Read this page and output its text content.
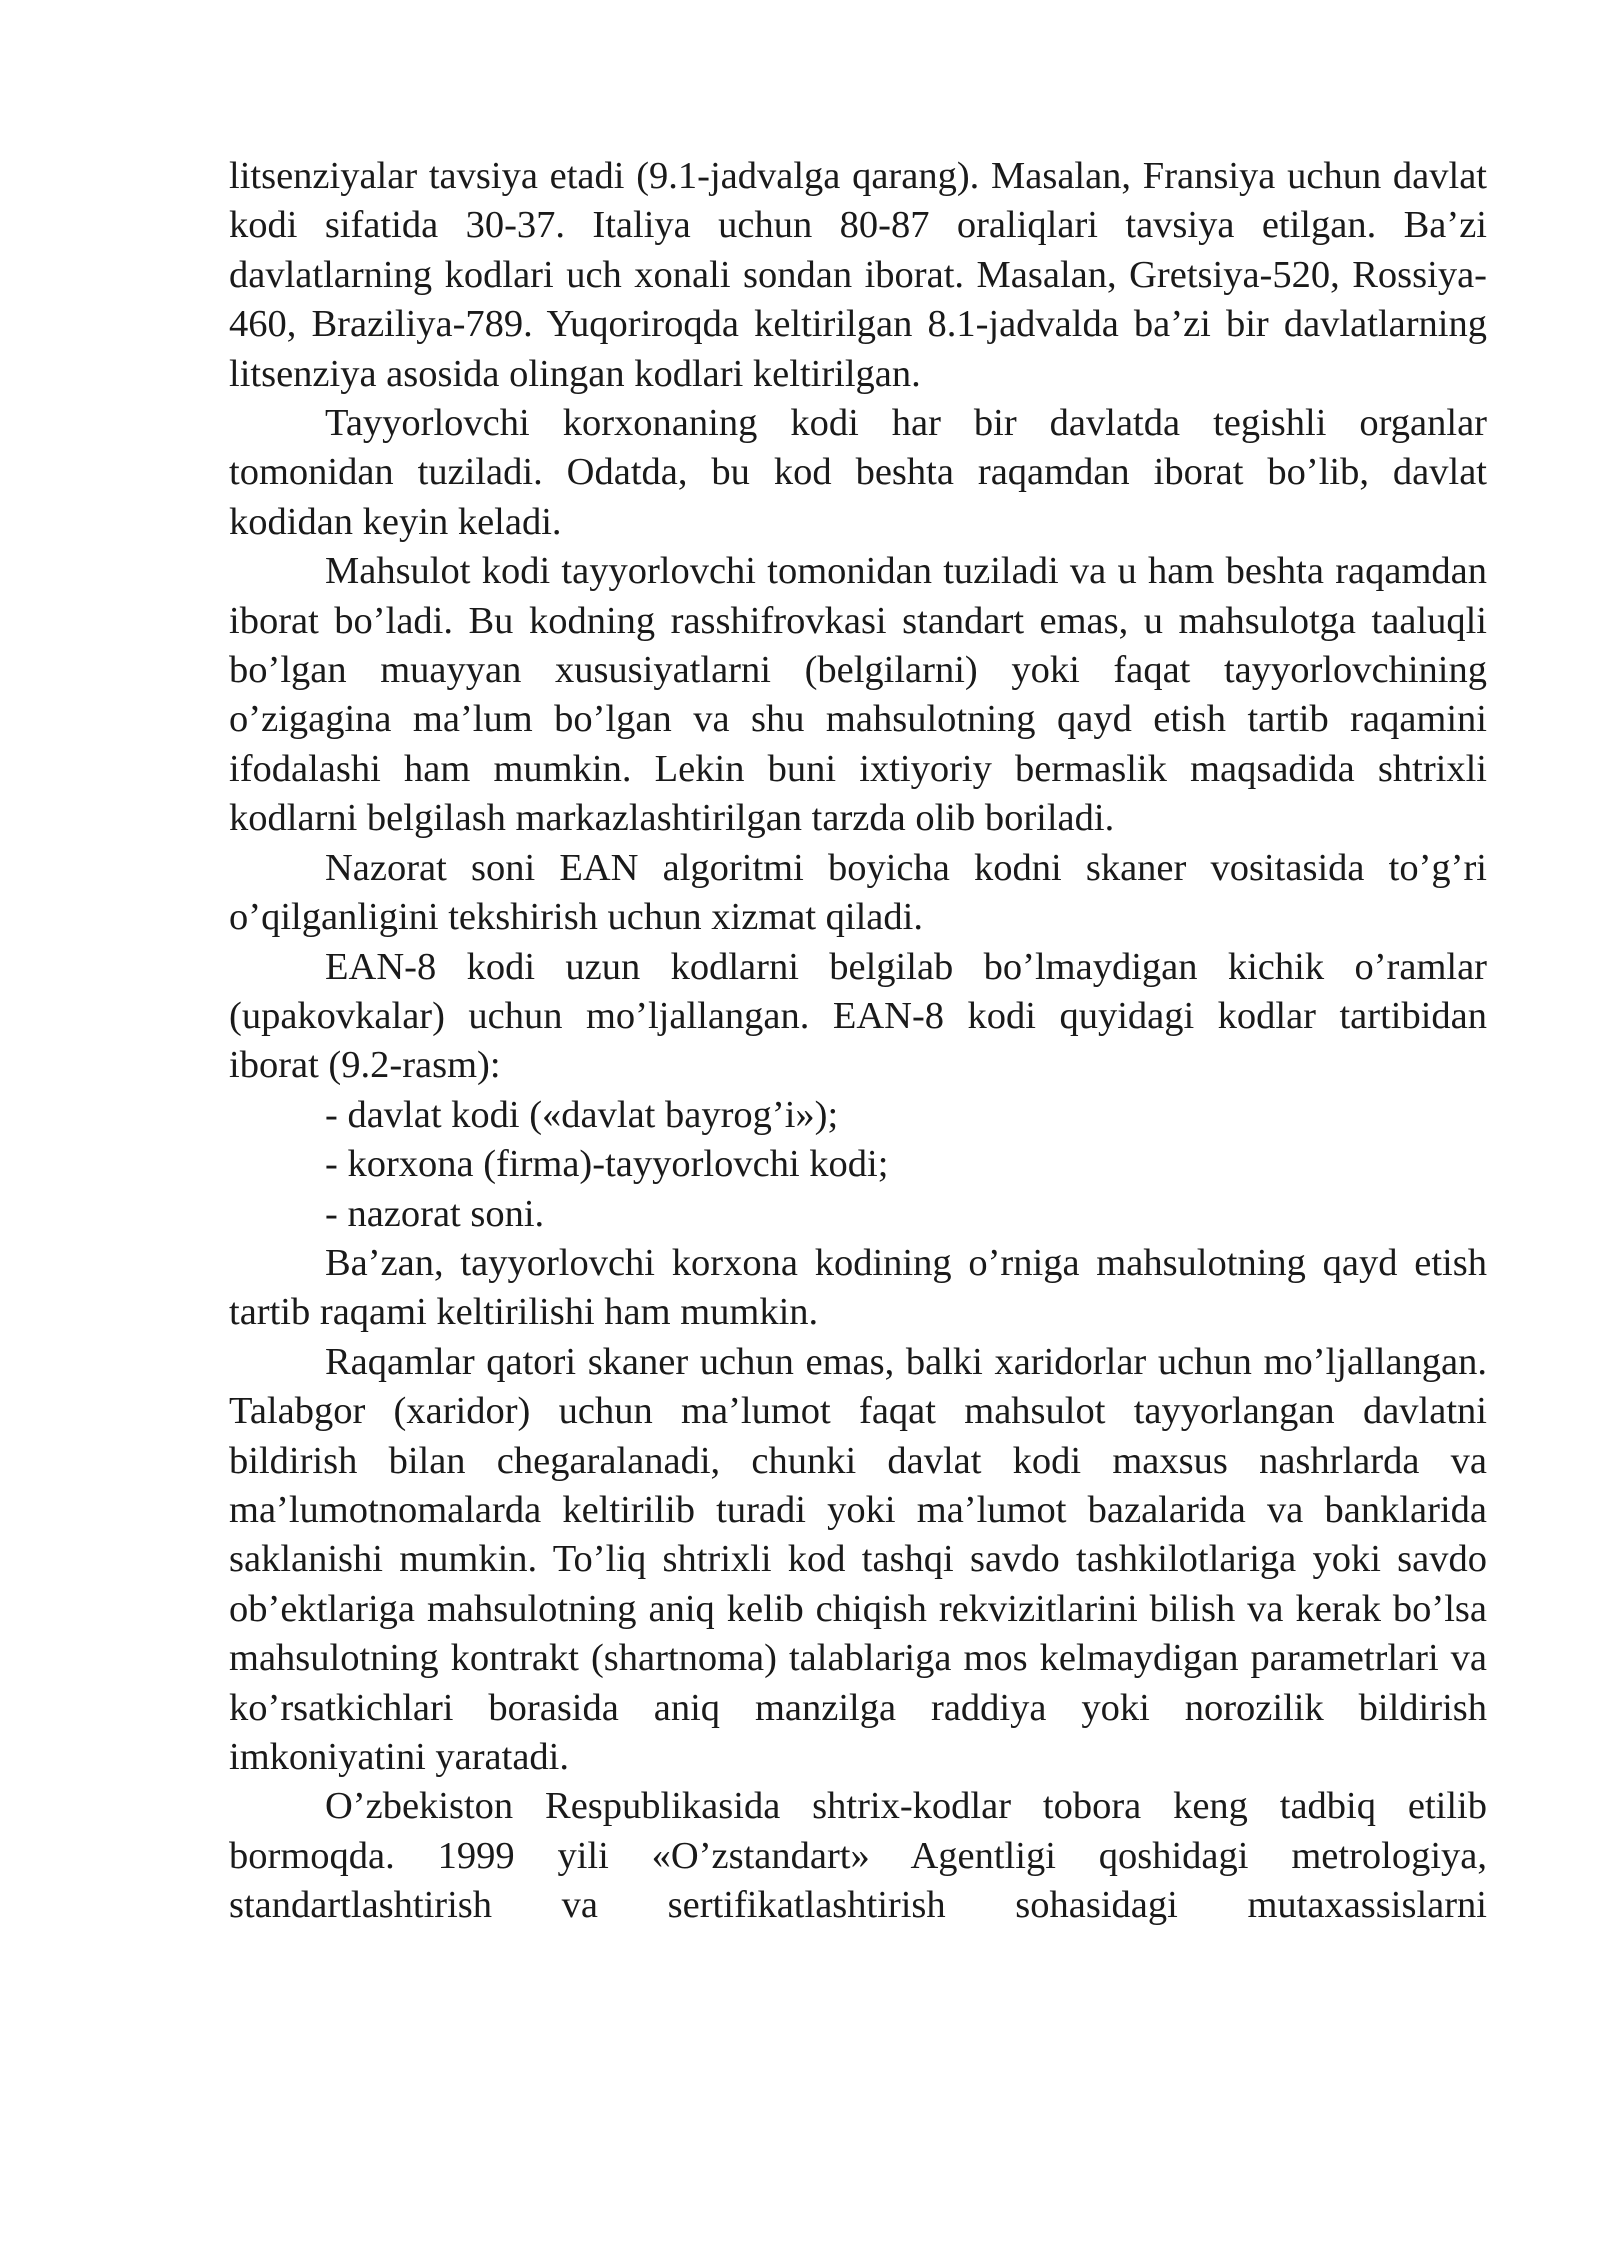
litsenziyalar tavsiya etadi (9.1-jadvalga qarang). Masalan, Fransiya uchun davlat kodi sifatida 30-37. Italiya uchun 80-87 oraliqlari tavsiya etilgan. Ba’zi davlatlarning kodlari uch xonali sondan iborat. Masalan, Gretsiya-520, Rossiya-460, Braziliya-789. Yuqoriroqda keltirilgan 8.1-jadvalda ba’zi bir davlatlarning litsenziya asosida olingan kodlari keltirilgan.

Tayyorlovchi korxonaning kodi har bir davlatda tegishli organlar tomonidan tuziladi. Odatda, bu kod beshta raqamdan iborat bo’lib, davlat kodidan keyin keladi.

Mahsulot kodi tayyorlovchi tomonidan tuziladi va u ham beshta raqamdan iborat bo’ladi. Bu kodning rasshifrovkasi standart emas, u mahsulotga taaluqli bo’lgan muayyan xususiyatlarni (belgilarni) yoki faqat tayyorlovchining o’zigagina ma’lum bo’lgan va shu mahsulotning qayd etish tartib raqamini ifodalashi ham mumkin. Lekin buni ixtiyoriy bermaslik maqsadida shtrixli kodlarni belgilash markazlashtirilgan tarzda olib boriladi.

Nazorat soni EAN algoritmi boyicha kodni skaner vositasida to’g’ri o’qilganligini tekshirish uchun xizmat qiladi.

EAN-8 kodi uzun kodlarni belgilab bo’lmaydigan kichik o’ramlar (upakovkalar) uchun mo’ljallangan. EAN-8 kodi quyidagi kodlar tartibidan iborat (9.2-rasm):

- davlat kodi («davlat bayrog’i»);

- korxona (firma)-tayyorlovchi kodi;

- nazorat soni.

Ba’zan, tayyorlovchi korxona kodining o’rniga mahsulotning qayd etish tartib raqami keltirilishi ham mumkin.

Raqamlar qatori skaner uchun emas, balki xaridorlar uchun mo’ljallangan. Talabgor (xaridor) uchun ma’lumot faqat mahsulot tayyorlangan davlatni bildirish bilan chegaralanadi, chunki davlat kodi maxsus nashrlarda va ma’lumotnomalarda keltirilib turadi yoki ma’lumot bazalarida va banklarida saklanishi mumkin. To’liq shtrixli kod tashqi savdo tashkilotlariga yoki savdo ob’ektlariga mahsulotning aniq kelib chiqish rekvizitlarini bilish va kerak bo’lsa mahsulotning kontrakt (shartnoma) talablariga mos kelmaydigan parametrlari va ko’rsatkichlari borasida aniq manzilga raddiya yoki norozilik bildirish imkoniyatini yaratadi.

O’zbekiston Respublikasida shtrix-kodlar tobora keng tadbiq etilib bormoqda. 1999 yili «O’zstandart» Agentligi qoshidagi metrologiya, standartlashtirish va sertifikatlashtirish sohasidagi mutaxassislarni
